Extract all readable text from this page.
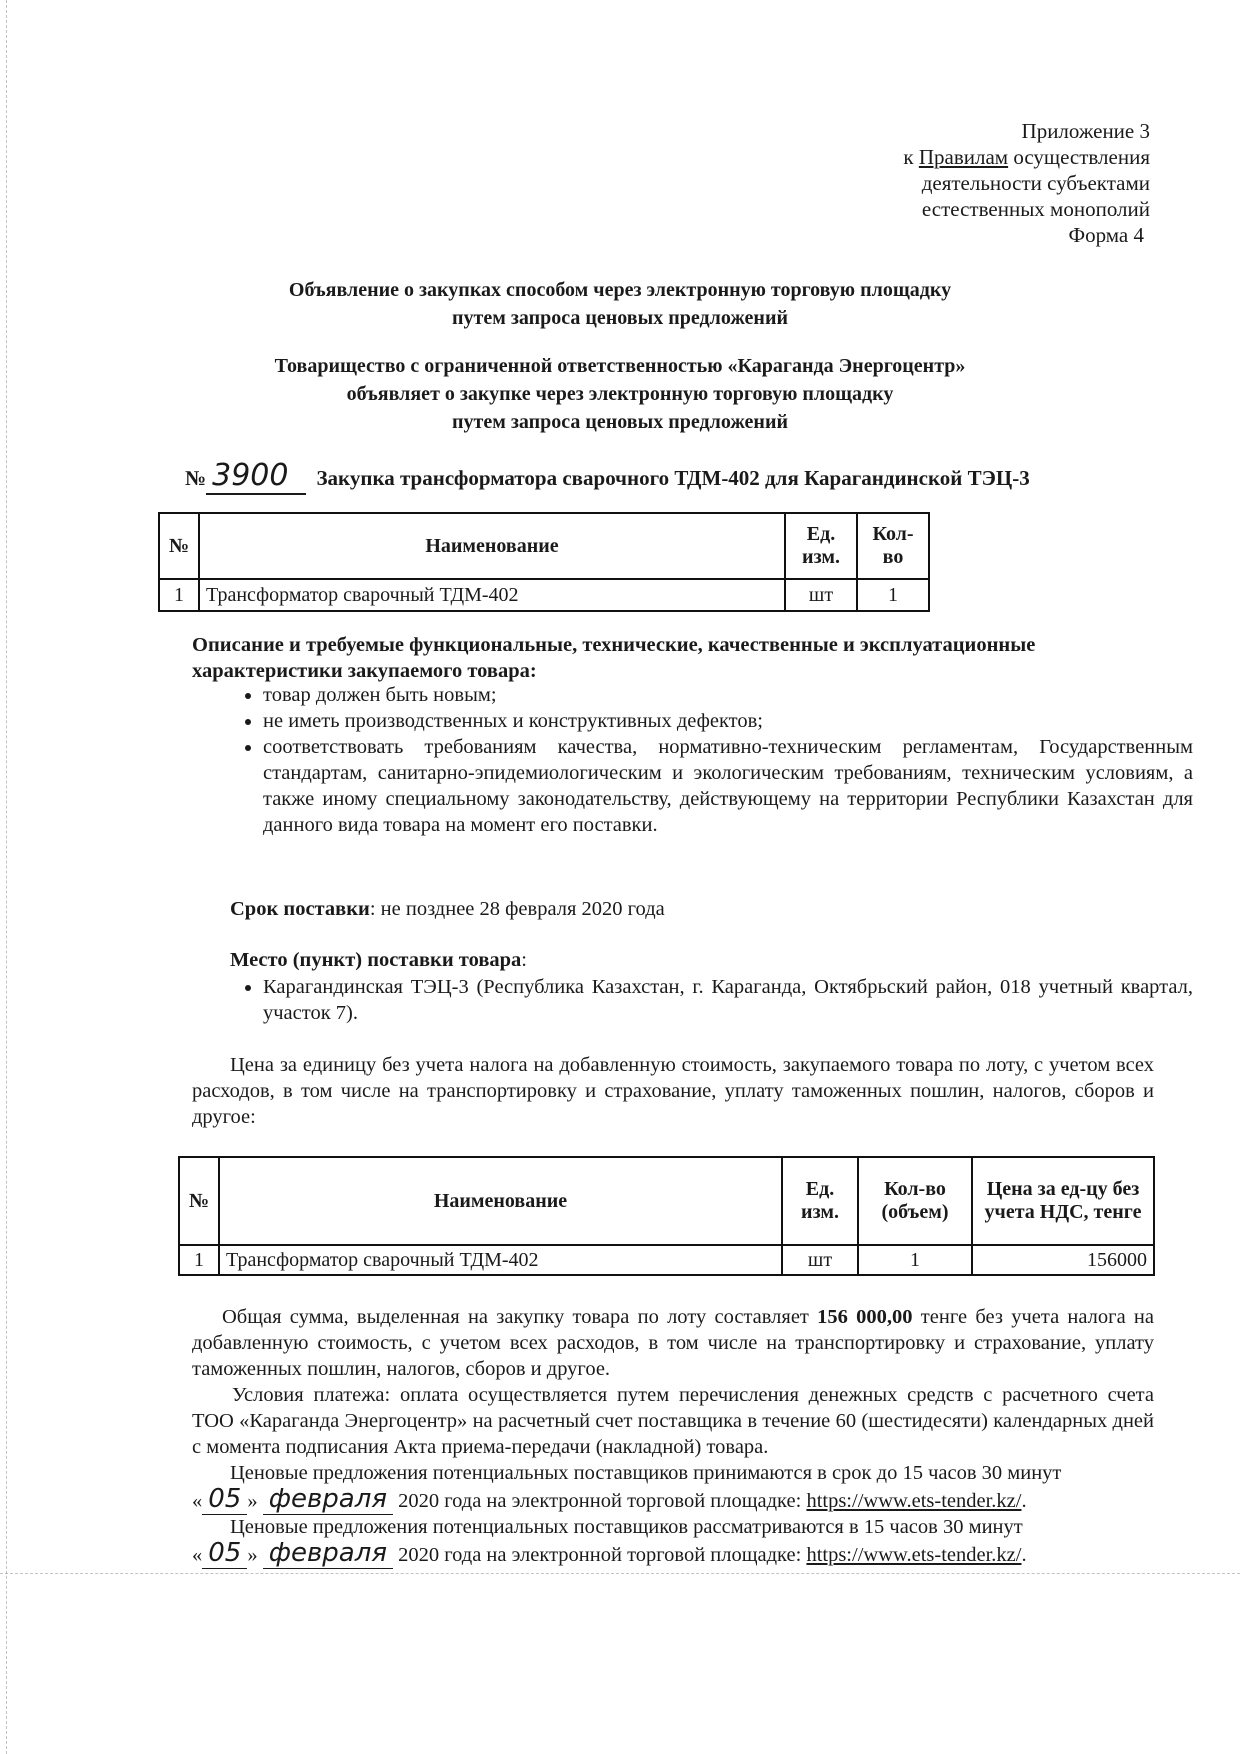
Приложение 3
к Правилам осуществления
деятельности субъектами
естественных монополий
Форма 4
Объявление о закупках способом через электронную торговую площадку
путем запроса ценовых предложений
Товарищество с ограниченной ответственностью «Караганда Энергоцентр»
объявляет о закупке через электронную торговую площадку
путем запроса ценовых предложений
№ 3900 Закупка трансформатора сварочного ТДМ-402 для Карагандинской ТЭЦ-3
№	Наименование	Ед. изм.	Кол-во
1	Трансформатор сварочный ТДМ-402	шт	1
Описание и требуемые функциональные, технические, качественные и эксплуатационные характеристики закупаемого товара:
• товар должен быть новым;
• не иметь производственных и конструктивных дефектов;
• соответствовать требованиям качества, нормативно-техническим регламентам, Государственным стандартам, санитарно-эпидемиологическим и экологическим требованиям, техническим условиям, а также иному специальному законодательству, действующему на территории Республики Казахстан для данного вида товара на момент его поставки.
Срок поставки: не позднее 28 февраля 2020 года
Место (пункт) поставки товара:
• Карагандинская ТЭЦ-3 (Республика Казахстан, г. Караганда, Октябрьский район, 018 учетный квартал, участок 7).
Цена за единицу без учета налога на добавленную стоимость, закупаемого товара по лоту, с учетом всех расходов, в том числе на транспортировку и страхование, уплату таможенных пошлин, налогов, сборов и другое:
№	Наименование	Ед. изм.	Кол-во (объем)	Цена за ед-цу без учета НДС, тенге
1	Трансформатор сварочный ТДМ-402	шт	1	156000
Общая сумма, выделенная на закупку товара по лоту составляет 156 000,00 тенге без учета налога на добавленную стоимость, с учетом всех расходов, в том числе на транспортировку и страхование, уплату таможенных пошлин, налогов, сборов и другое.
Условия платежа: оплата осуществляется путем перечисления денежных средств с расчетного счета ТОО «Караганда Энергоцентр» на расчетный счет поставщика в течение 60 (шестидесяти) календарных дней с момента подписания Акта приема-передачи (накладной) товара.
Ценовые предложения потенциальных поставщиков принимаются в срок до 15 часов 30 минут
« 05 » февраля 2020 года на электронной торговой площадке: https://www.ets-tender.kz/.
Ценовые предложения потенциальных поставщиков рассматриваются в 15 часов 30 минут
« 05 » февраля 2020 года на электронной торговой площадке: https://www.ets-tender.kz/.
